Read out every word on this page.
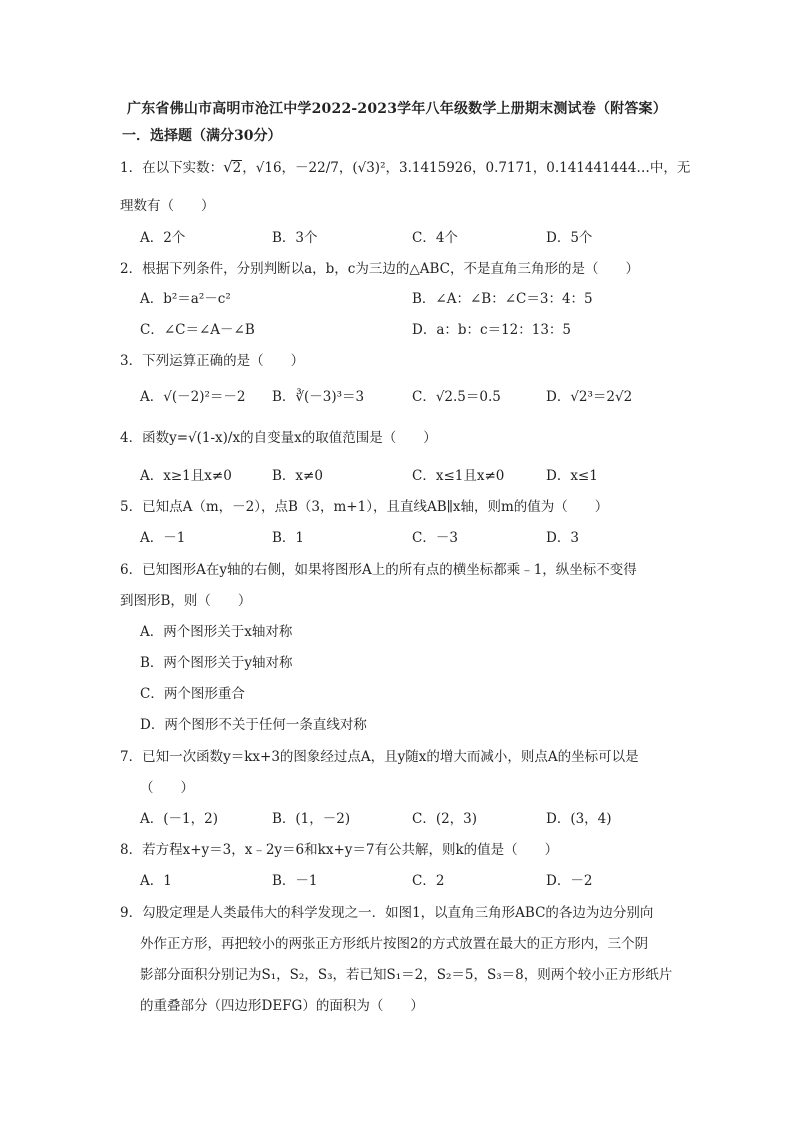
广东省佛山市高明市沧江中学2022-2023学年八年级数学上册期末测试卷（附答案）
一．选择题（满分30分）
1．在以下实数：√2，√16，－22/7，(√3)²，3.1415926，0.7171，0.141441444…中，无
理数有（　　）
A．2个	B．3个	C．4个	D．5个
2．根据下列条件，分别判断以a，b，c为三边的△ABC，不是直角三角形的是（　　）
A．b²＝a²－c²	B．∠A：∠B：∠C＝3：4：5
C．∠C＝∠A－∠B	D．a：b：c＝12：13：5
3．下列运算正确的是（　　）
A．√(－2)²＝－2 B．∛(－3)³＝3	C．√2.5＝0.5	D．√2³＝2√2
4．函数y=√(1-x)/x的自变量x的取值范围是（　　）
A．x≥1且x≠0	B．x≠0	C．x≤1且x≠0	D．x≤1
5．已知点A（m，－2），点B（3，m+1），且直线AB∥x轴，则m的值为（　　）
A．－1	B．1	C．－3	D．3
6．已知图形A在y轴的右侧，如果将图形A上的所有点的横坐标都乘﹣1，纵坐标不变得
到图形B，则（　　）
A．两个图形关于x轴对称
B．两个图形关于y轴对称
C．两个图形重合
D．两个图形不关于任何一条直线对称
7．已知一次函数y＝kx+3的图象经过点A，且y随x的增大而减小，则点A的坐标可以是
（　　）
A．(－1，2)	B．(1，－2)	C．(2，3)	D．(3，4)
8．若方程x+y＝3，x﹣2y＝6和kx+y＝7有公共解，则k的值是（　　）
A．1	B．－1	C．2	D．－2
9．勾股定理是人类最伟大的科学发现之一．如图1，以直角三角形ABC的各边为边分别向
外作正方形，再把较小的两张正方形纸片按图2的方式放置在最大的正方形内，三个阴
影部分面积分别记为S₁，S₂，S₃，若已知S₁＝2，S₂＝5，S₃＝8，则两个较小正方形纸片
的重叠部分（四边形DEFG）的面积为（　　）
